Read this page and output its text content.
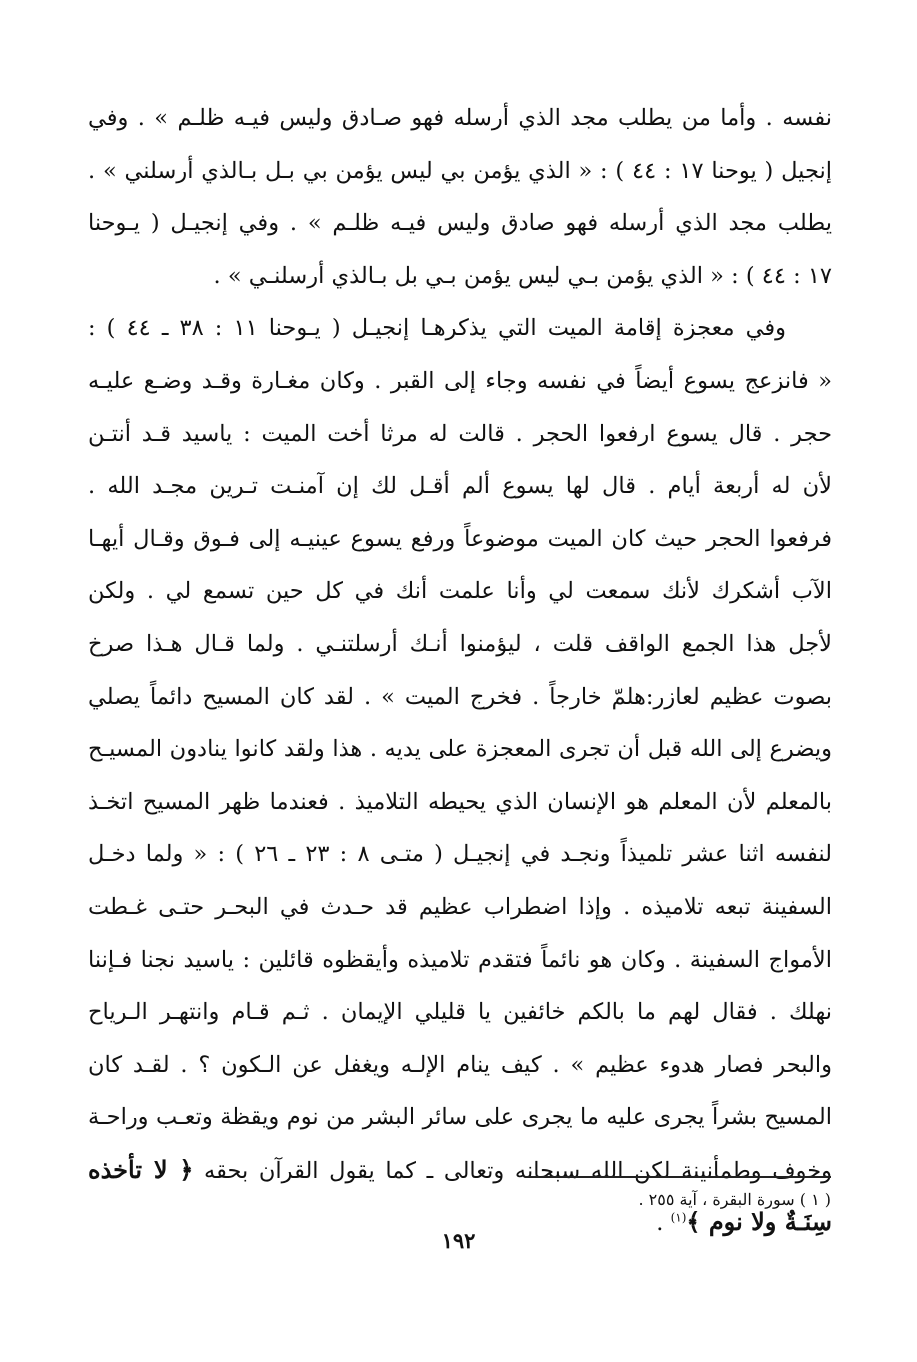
نفسه . وأما من يطلب مجد الذي أرسله فهو صـادق وليس فيـه ظلـم » . وفي
إنجيل ( يوحنا ١٧ : ٤٤ ) : « الذي يؤمن بي ليس يؤمن بي بـل بـالذي أرسلني » .
يطلب مجد الذي أرسله فهو صادق وليس فيـه ظلـم » . وفي إنجيـل ( يـوحنا
١٧ : ٤٤ ) : « الذي يؤمن بـي ليس يؤمن بـي بل بـالذي أرسلنـي » .
وفي معجزة إقامة الميت التي يذكرهـا إنجيـل ( يـوحنا ١١ : ٣٨ ـ ٤٤ ) :
« فانزعج يسوع أيضاً في نفسه وجاء إلى القبر . وكان مغـارة وقـد وضـع عليـه
حجر . قال يسوع ارفعوا الحجر . قالت له مرثا أخت الميت : ياسيد قـد أنتـن
لأن له أربعة أيام . قال لها يسوع ألم أقـل لك إن آمنـت تـرين مجـد الله .
فرفعوا الحجر حيث كان الميت موضوعاً ورفع يسوع عينيـه إلى فـوق وقـال أيهـا
الآب أشكرك لأنك سمعت لي وأنا علمت أنك في كل حين تسمع لي . ولكن
لأجل هذا الجمع الواقف قلت ، ليؤمنوا أنـك أرسلتنـي . ولما قـال هـذا صرخ
بصوت عظيم لعازر:هلمّ خارجاً . فخرج الميت » . لقد كان المسيح دائماً يصلي
ويضرع إلى الله قبل أن تجرى المعجزة على يديه . هذا ولقد كانوا ينادون المسيـح
بالمعلم لأن المعلم هو الإنسان الذي يحيطه التلاميذ . فعندما ظهر المسيح اتخـذ
لنفسه اثنا عشر تلميذاً ونجـد في إنجيـل ( متـى ٨ : ٢٣ ـ ٢٦ ) : « ولما دخـل
السفينة تبعه تلاميذه . وإذا اضطراب عظيم قد حـدث في البحـر حتـى غـطت
الأمواج السفينة . وكان هو نائماً فتقدم تلاميذه وأيقظوه قائلين : ياسيد نجنا فـإننا
نهلك . فقال لهم ما بالكم خائفين يا قليلي الإيمان . ثـم قـام وانتهـر الـرياح
والبحر فصار هدوء عظيم » . كيف ينام الإلـه ويغفل عن الـكون ؟ . لقـد كان
المسيح بشراً يجرى عليه ما يجرى على سائر البشر من نوم ويقظة وتعـب وراحـة
وخوف وطمأنينة لكن الله سبحانه وتعالى ـ كما يقول القرآن بحقه ﴿ لا تأخذه
سِنَـةٌ ولا نوم ﴾$^{(١)}$ .
( ١ ) سورة البقرة ، آية ٢٥٥ .
١٩٢
